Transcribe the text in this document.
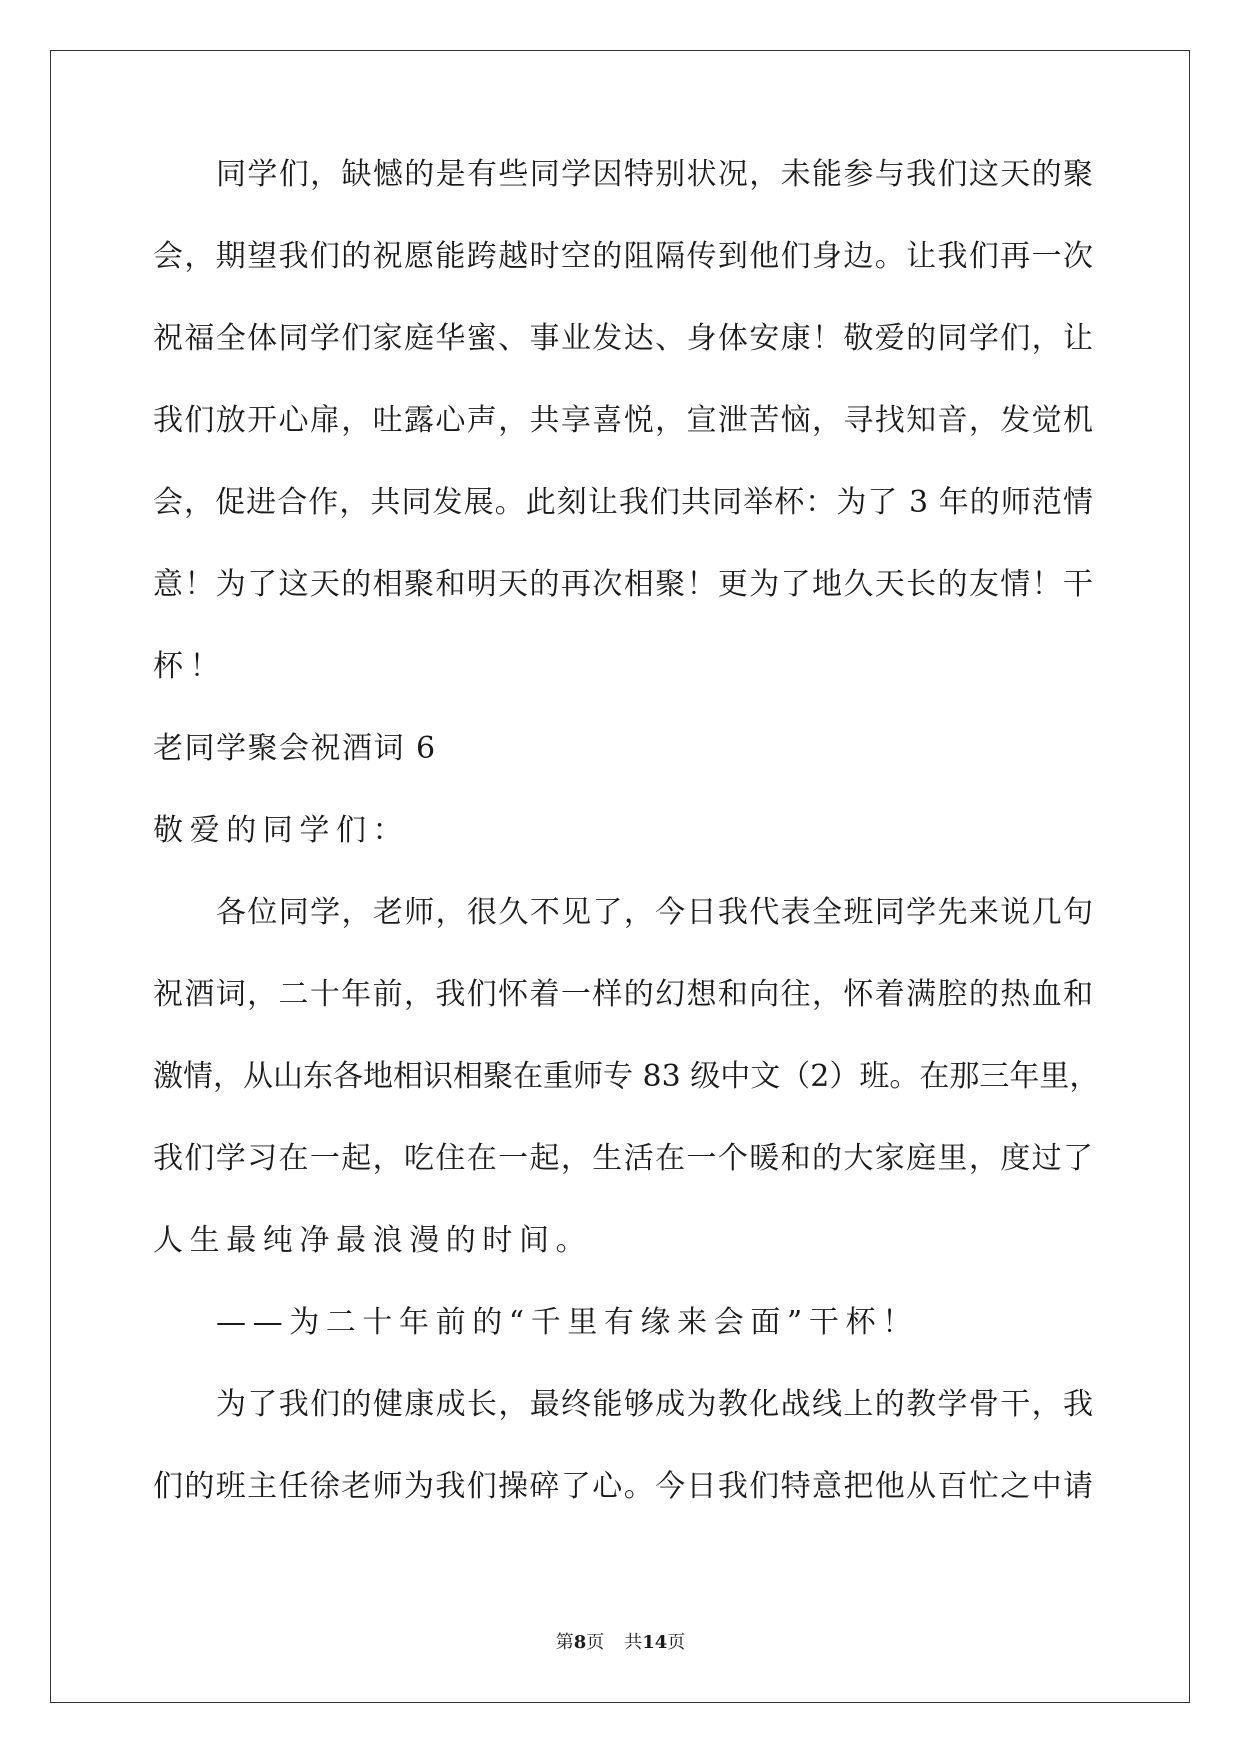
同学们，缺憾的是有些同学因特别状况，未能参与我们这天的聚
会，期望我们的祝愿能跨越时空的阻隔传到他们身边。让我们再一次
祝福全体同学们家庭华蜜、事业发达、身体安康！敬爱的同学们，让
我们放开心扉，吐露心声，共享喜悦，宣泄苦恼，寻找知音，发觉机
会，促进合作，共同发展。此刻让我们共同举杯：为了 3 年的师范情
意！为了这天的相聚和明天的再次相聚！更为了地久天长的友情！干
杯！
老同学聚会祝酒词 6
敬爱的同学们：
各位同学，老师，很久不见了，今日我代表全班同学先来说几句
祝酒词，二十年前，我们怀着一样的幻想和向往，怀着满腔的热血和
激情，从山东各地相识相聚在重师专 83 级中文（2）班。在那三年里，
我们学习在一起，吃住在一起，生活在一个暖和的大家庭里，度过了
人生最纯净最浪漫的时间。
——为二十年前的“千里有缘来会面”干杯！
为了我们的健康成长，最终能够成为教化战线上的教学骨干，我
们的班主任徐老师为我们操碎了心。今日我们特意把他从百忙之中请
第8页 共14页
